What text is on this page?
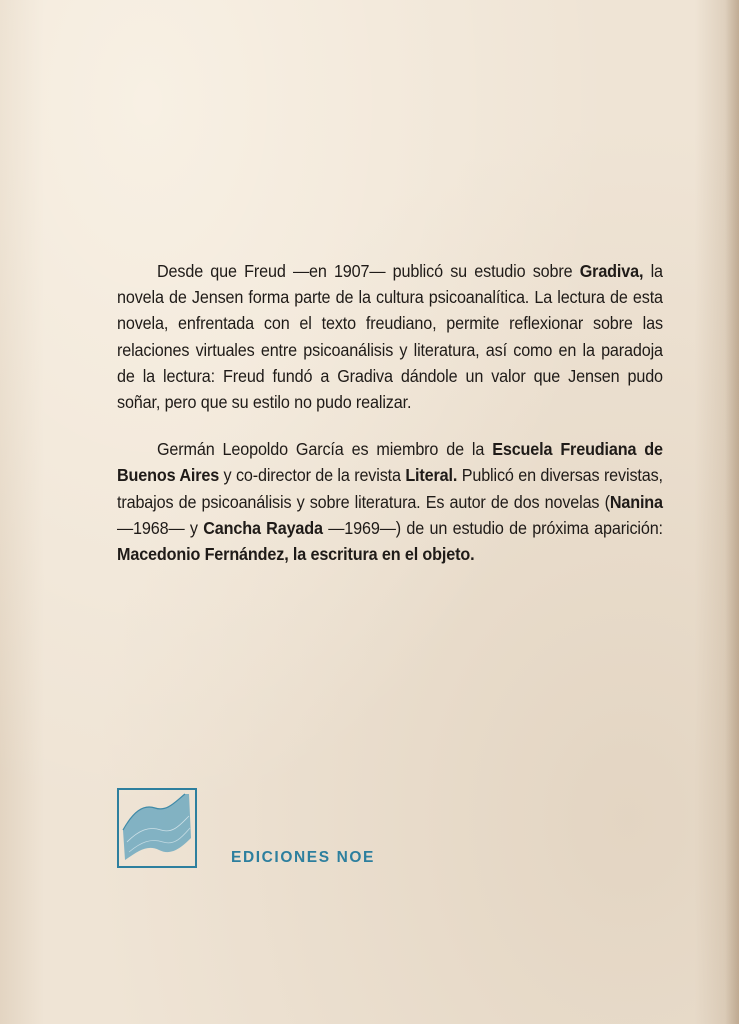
Desde que Freud —en 1907— publicó su estudio sobre Gradiva, la novela de Jensen forma parte de la cultura psicoanalítica. La lectura de esta novela, enfrentada con el texto freudiano, permite reflexionar sobre las relaciones virtuales entre psicoanálisis y literatura, así como en la paradoja de la lectura: Freud fundó a Gradiva dándole un valor que Jensen pudo soñar, pero que su estilo no pudo realizar.

Germán Leopoldo García es miembro de la Escuela Freudiana de Buenos Aires y co-director de la revista Literal. Publicó en diversas revistas, trabajos de psicoanálisis y sobre literatura. Es autor de dos novelas (Nanina —1968— y Cancha Rayada —1969—) de un estudio de próxima aparición: Macedonio Fernández, la escritura en el objeto.

EDICIONES NOE
